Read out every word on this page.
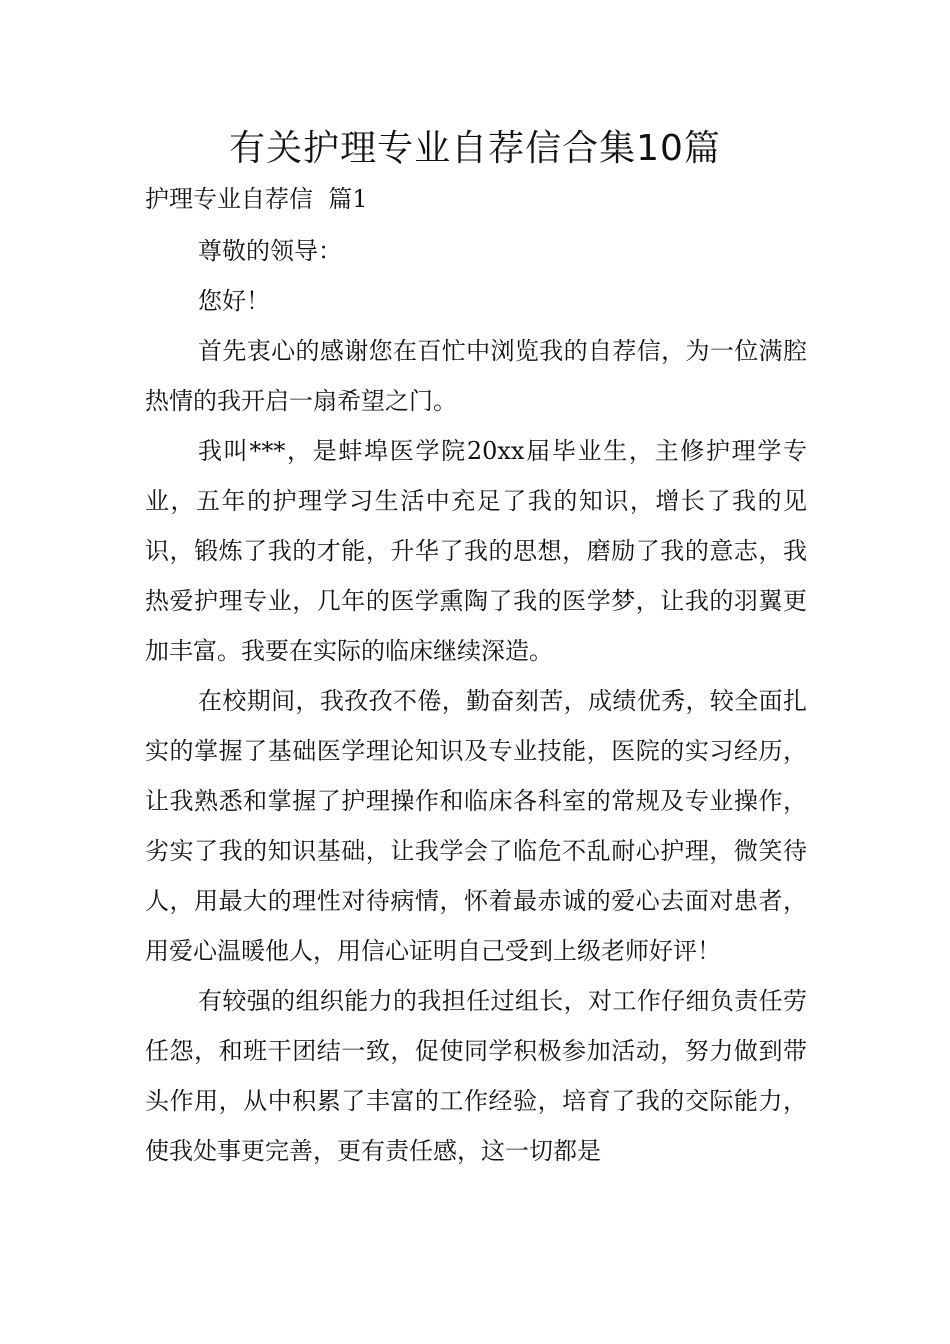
有关护理专业自荐信合集10篇

护理专业自荐信  篇1

尊敬的领导：

您好！

首先衷心的感谢您在百忙中浏览我的自荐信，为一位满腔热情的我开启一扇希望之门。

我叫***，是蚌埠医学院20xx届毕业生，主修护理学专业，五年的护理学习生活中充足了我的知识，增长了我的见识，锻炼了我的才能，升华了我的思想，磨励了我的意志，我热爱护理专业，几年的医学熏陶了我的医学梦，让我的羽翼更加丰富。我要在实际的临床继续深造。

在校期间，我孜孜不倦，勤奋刻苦，成绩优秀，较全面扎实的掌握了基础医学理论知识及专业技能，医院的实习经历，让我熟悉和掌握了护理操作和临床各科室的常规及专业操作，劣实了我的知识基础，让我学会了临危不乱耐心护理，微笑待人，用最大的理性对待病情，怀着最赤诚的爱心去面对患者，用爱心温暖他人，用信心证明自己受到上级老师好评！

有较强的组织能力的我担任过组长，对工作仔细负责任劳任怨，和班干团结一致，促使同学积极参加活动，努力做到带头作用，从中积累了丰富的工作经验，培育了我的交际能力，使我处事更完善，更有责任感，这一切都是
